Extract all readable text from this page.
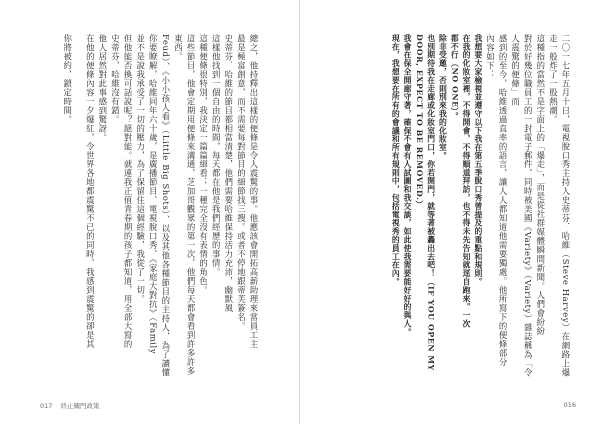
總之，他持釋出這樣的便條是令人震驚的事。他應該會開拓高薪助理來當員工主

最是極富創意，而不需要每對節目的細節找三搜。或者不停地跟蒂芙簽名。

史蒂芬．哈維的節目都相當清楚，他們需要哈維保持活力充沛，幽默風

這樣他找到一個自由的時間，每天都在他是我們經歷的事情。

這種便條很特別，我決定一篇篇細看；一種完全沒有表情的角色。

這些節目，他會定期用便條來溝通，芝加哥觀眾的第一次，他們每天都會看到許多許多東西。

Feud）、《小小孩人看》（Little Big Shots）、以及其他各種節目的主持人，為了讀懂

你要瞭解，哈維同年六十歲，是廣播節目、電視脫口秀、《家庭大對抗》（Family

並不是說我承受了一切的壓力，為了保留住這個經驗，我從了一切。

但他能否換可話說呢？絕對能。就連我正值青春期的孩子都知道，用全部大寫的

史蒂芬，哈維沒有錯。

他人居然對此事感到驚訝。

在他的便條內容一夕爆紅，令世界各地都震驚不已的同時，我感到震驚的卻是其

你將被約，鎖定時間。

017 終止關門政策

二〇一七年五月十日，電視脫口秀主持人史蒂芬．哈維（Steve Harvey）在網路上爆

走一般炸了一股熱潮。

這種指的當然不是字面上的「爆走」，而是從社群媒體瞬間新聞。人們會紛紛

對於好幾位職員工的一封電子郵件，同時被美國《Variety》（Variety）雜誌稱為「令人震驚的便條」而

感到的至今，哈維透過直率的語言，讓人人都知道他需要獨處。他所寫下的便條部分

內容如下：

我想要大家檢視並遵守以下我在第五季脫口秀曾提及的重點和規則。

在我的化妝室裡，不得開會，不得順道拜訪，也不得未先告知就逕自跑來。一次

都不行（NO ONE）。

除非受邀，否則別來我的化妝室。

也別期待我在走廊或化妝室門口，你若開門，就等著被轟出去吧！（IF YOU OPEN MY

DOOR, EXPECT TO BE REMOVED.）

我會在保全開廊守著，確保不會有人試圖和我交談，如此使我需要能好好的與人。

現在，我想要在所有的會議和所有規則中，包括電視秀的員工在內。

016
